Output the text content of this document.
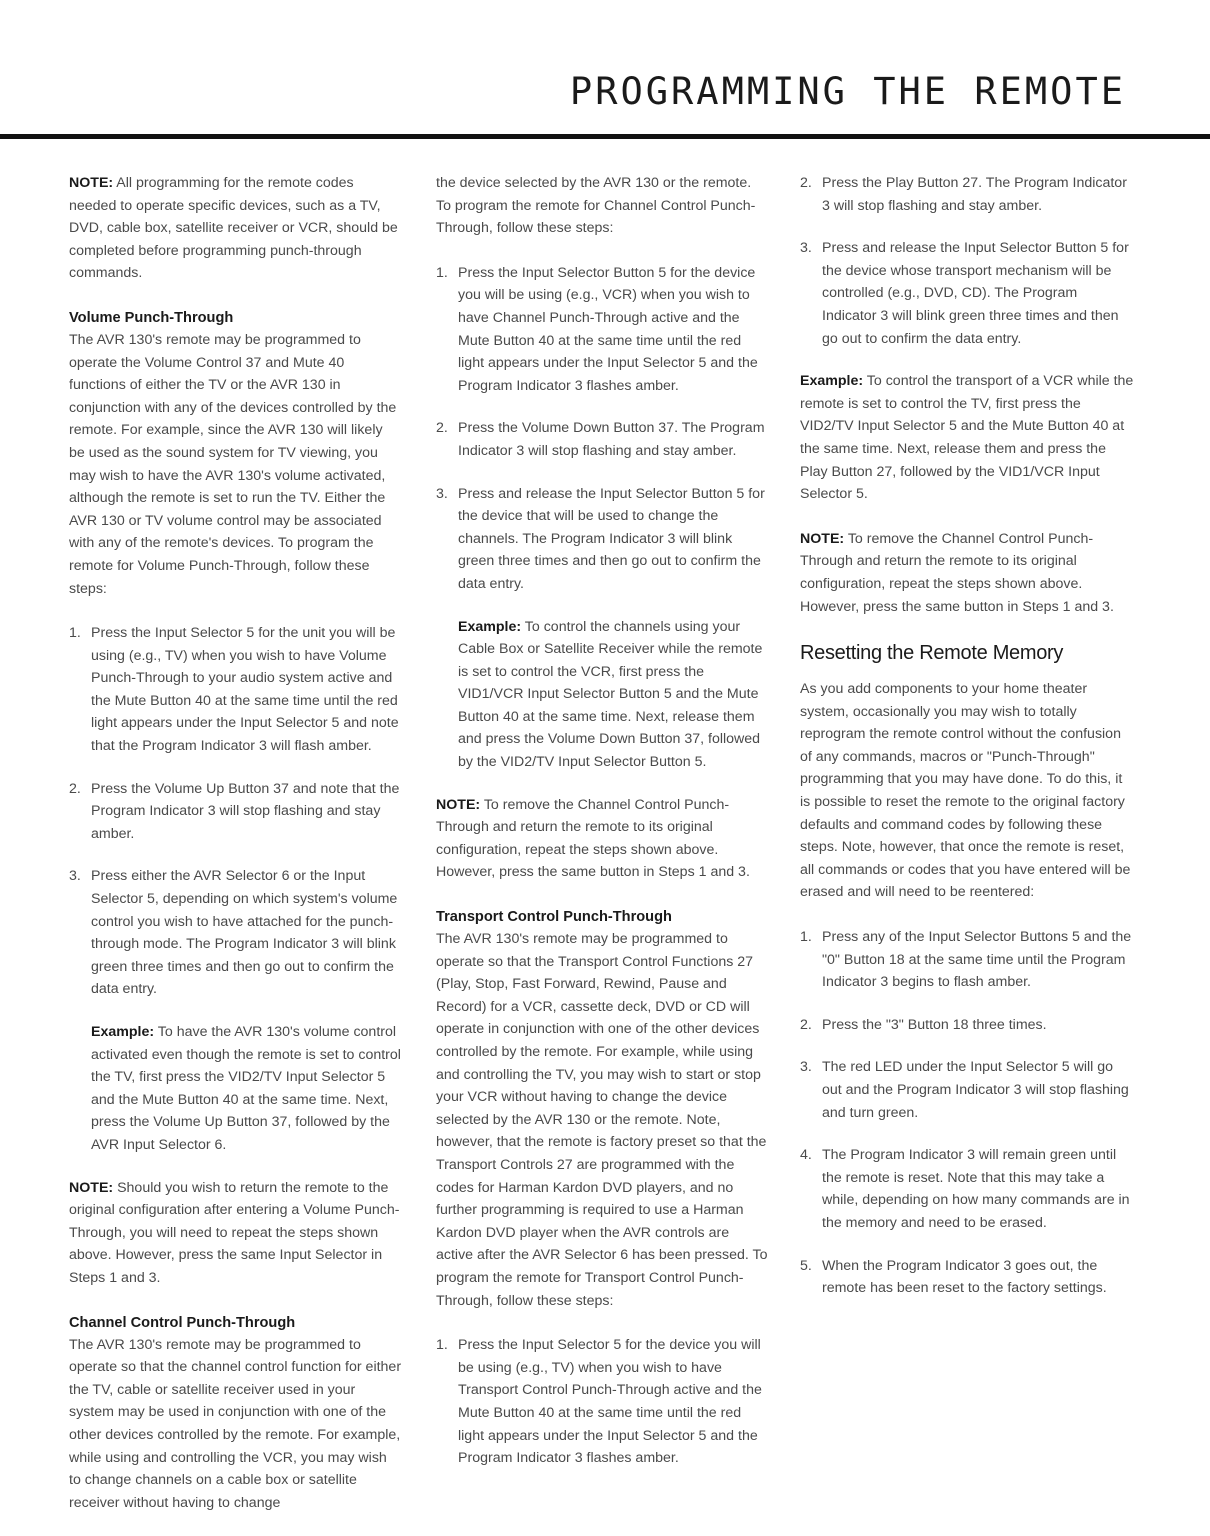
PROGRAMMING THE REMOTE

NOTE: All programming for the remote codes needed to operate specific devices, such as a TV, DVD, cable box, satellite receiver or VCR, should be completed before programming punch-through commands.

Volume Punch-Through

The AVR 130's remote may be programmed to operate the Volume Control 37 and Mute 40 functions of either the TV or the AVR 130 in conjunction with any of the devices controlled by the remote. For example, since the AVR 130 will likely be used as the sound system for TV viewing, you may wish to have the AVR 130's volume activated, although the remote is set to run the TV. Either the AVR 130 or TV volume control may be associated with any of the remote's devices. To program the remote for Volume Punch-Through, follow these steps:

1. Press the Input Selector 5 for the unit you will be using (e.g., TV) when you wish to have Volume Punch-Through to your audio system active and the Mute Button 40 at the same time until the red light appears under the Input Selector 5 and note that the Program Indicator 3 will flash amber.
2. Press the Volume Up Button 37 and note that the Program Indicator 3 will stop flashing and stay amber.
3. Press either the AVR Selector 6 or the Input Selector 5, depending on which system's volume control you wish to have attached for the punch-through mode. The Program Indicator 3 will blink green three times and then go out to confirm the data entry.

Example: To have the AVR 130's volume control activated even though the remote is set to control the TV, first press the VID2/TV Input Selector 5 and the Mute Button 40 at the same time. Next, press the Volume Up Button 37, followed by the AVR Input Selector 6.

NOTE: Should you wish to return the remote to the original configuration after entering a Volume Punch-Through, you will need to repeat the steps shown above. However, press the same Input Selector in Steps 1 and 3.

Channel Control Punch-Through

The AVR 130's remote may be programmed to operate so that the channel control function for either the TV, cable or satellite receiver used in your system may be used in conjunction with one of the other devices controlled by the remote. For example, while using and controlling the VCR, you may wish to change channels on a cable box or satellite receiver without having to change

the device selected by the AVR 130 or the remote. To program the remote for Channel Control Punch-Through, follow these steps:

1. Press the Input Selector Button 5 for the device you will be using (e.g., VCR) when you wish to have Channel Punch-Through active and the Mute Button 40 at the same time until the red light appears under the Input Selector 5 and the Program Indicator 3 flashes amber.
2. Press the Volume Down Button 37. The Program Indicator 3 will stop flashing and stay amber.
3. Press and release the Input Selector Button 5 for the device that will be used to change the channels. The Program Indicator 3 will blink green three times and then go out to confirm the data entry.

Example: To control the channels using your Cable Box or Satellite Receiver while the remote is set to control the VCR, first press the VID1/VCR Input Selector Button 5 and the Mute Button 40 at the same time. Next, release them and press the Volume Down Button 37, followed by the VID2/TV Input Selector Button 5.

NOTE: To remove the Channel Control Punch-Through and return the remote to its original configuration, repeat the steps shown above. However, press the same button in Steps 1 and 3.

Transport Control Punch-Through

The AVR 130's remote may be programmed to operate so that the Transport Control Functions 27 (Play, Stop, Fast Forward, Rewind, Pause and Record) for a VCR, cassette deck, DVD or CD will operate in conjunction with one of the other devices controlled by the remote. For example, while using and controlling the TV, you may wish to start or stop your VCR without having to change the device selected by the AVR 130 or the remote. Note, however, that the remote is factory preset so that the Transport Controls 27 are programmed with the codes for Harman Kardon DVD players, and no further programming is required to use a Harman Kardon DVD player when the AVR controls are active after the AVR Selector 6 has been pressed. To program the remote for Transport Control Punch-Through, follow these steps:

1. Press the Input Selector 5 for the device you will be using (e.g., TV) when you wish to have Transport Control Punch-Through active and the Mute Button 40 at the same time until the red light appears under the Input Selector 5 and the Program Indicator 3 flashes amber.
2. Press the Play Button 27. The Program Indicator 3 will stop flashing and stay amber.
3. Press and release the Input Selector Button 5 for the device whose transport mechanism will be controlled (e.g., DVD, CD). The Program Indicator 3 will blink green three times and then go out to confirm the data entry.

Example: To control the transport of a VCR while the remote is set to control the TV, first press the VID2/TV Input Selector 5 and the Mute Button 40 at the same time. Next, release them and press the Play Button 27, followed by the VID1/VCR Input Selector 5.

NOTE: To remove the Channel Control Punch-Through and return the remote to its original configuration, repeat the steps shown above. However, press the same button in Steps 1 and 3.

Resetting the Remote Memory

As you add components to your home theater system, occasionally you may wish to totally reprogram the remote control without the confusion of any commands, macros or "Punch-Through" programming that you may have done. To do this, it is possible to reset the remote to the original factory defaults and command codes by following these steps. Note, however, that once the remote is reset, all commands or codes that you have entered will be erased and will need to be reentered:

1. Press any of the Input Selector Buttons 5 and the "0" Button 18 at the same time until the Program Indicator 3 begins to flash amber.
2. Press the "3" Button 18 three times.
3. The red LED under the Input Selector 5 will go out and the Program Indicator 3 will stop flashing and turn green.
4. The Program Indicator 3 will remain green until the remote is reset. Note that this may take a while, depending on how many commands are in the memory and need to be erased.
5. When the Program Indicator 3 goes out, the remote has been reset to the factory settings.
